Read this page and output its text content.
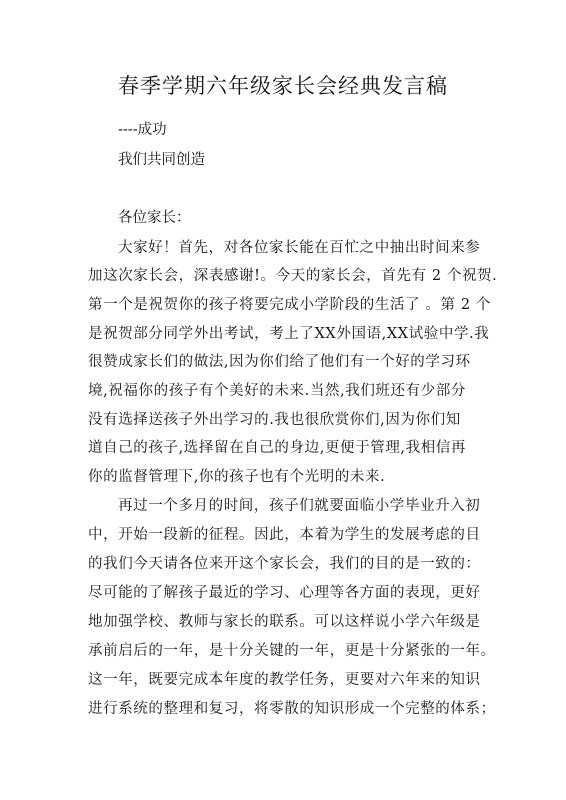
春季学期六年级家长会经典发言稿
----成功
我们共同创造
各位家长：
大家好！首先，对各位家长能在百忙之中抽出时间来参
加这次家长会，深表感谢!。今天的家长会，首先有 2 个祝贺.
第一个是祝贺你的孩子将要完成小学阶段的生活了 。第 2 个
是祝贺部分同学外出考试，考上了XX外国语,XX试验中学.我
很赞成家长们的做法,因为你们给了他们有一个好的学习环
境,祝福你的孩子有个美好的未来.当然,我们班还有少部分
没有选择送孩子外出学习的.我也很欣赏你们,因为你们知
道自己的孩子,选择留在自己的身边,更便于管理,我相信再
你的监督管理下,你的孩子也有个光明的未来.
再过一个多月的时间，孩子们就要面临小学毕业升入初
中，开始一段新的征程。因此，本着为学生的发展考虑的目
的我们今天请各位来开这个家长会，我们的目的是一致的：
尽可能的了解孩子最近的学习、心理等各方面的表现，更好
地加强学校、教师与家长的联系。可以这样说小学六年级是
承前启后的一年，是十分关键的一年，更是十分紧张的一年。
这一年，既要完成本年度的教学任务，更要对六年来的知识
进行系统的整理和复习，将零散的知识形成一个完整的体系；
